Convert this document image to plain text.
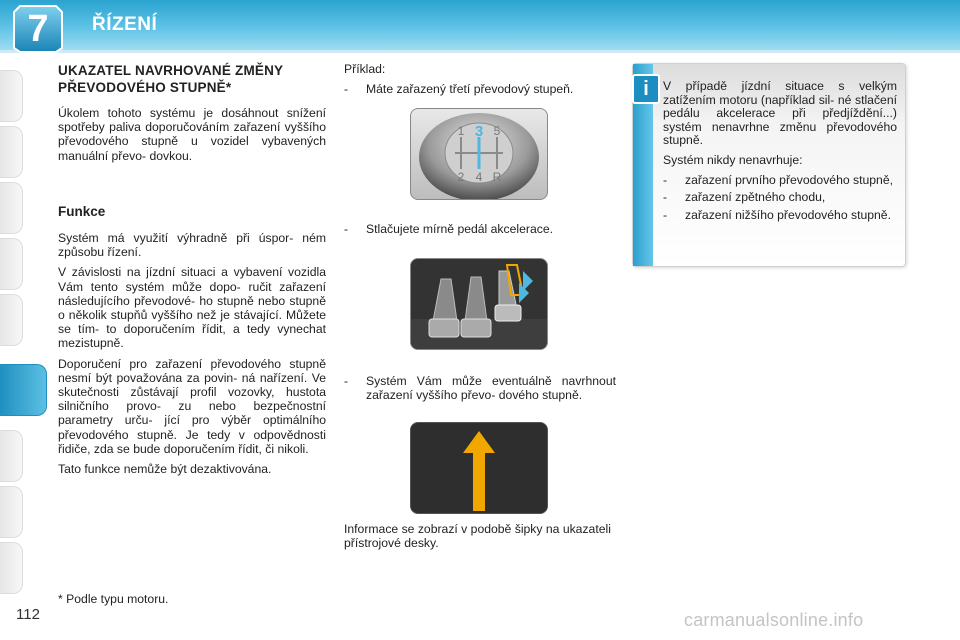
7	ŘÍZENÍ
UKAZATEL NAVRHOVANÉ ZMĚNY PŘEVODOVÉHO STUPNĚ*
Úkolem tohoto systému je dosáhnout snížení spotřeby paliva doporučováním zařazení vyššího převodového stupně u vozidel vybavených manuální převo- dovkou.
Funkce
Systém má využití výhradně při úspor- ném způsobu řízení.
V závislosti na jízdní situaci a vybavení vozidla Vám tento systém může dopo- ručit zařazení následujícího převodové- ho stupně nebo stupně o několik stupňů vyššího než je stávající. Můžete se tím- to doporučením řídit, a tedy vynechat mezistupně.
Doporučení pro zařazení převodového stupně nesmí být považována za povin- ná nařízení. Ve skutečnosti zůstávají profil vozovky, hustota silničního provo- zu nebo bezpečnostní parametry urču- jící pro výběr optimálního převodového stupně. Je tedy v odpovědnosti řidiče, zda se bude doporučením řídit, či nikoli.
Tato funkce nemůže být dezaktivována.
Příklad:
-	Máte zařazený třetí převodový stupeň.
1 3 5
2 4 R
-	Stlačujete mírně pedál akcelerace.
-	Systém Vám může eventuálně navrhnout zařazení vyššího převo- dového stupně.
Informace se zobrazí v podobě šipky na ukazateli přístrojové desky.
i	V případě jízdní situace s velkým zatížením motoru (například sil- né stlačení pedálu akcelerace při předjíždění...) systém nenavrhne změnu převodového stupně.
Systém nikdy nenavrhuje:
-	zařazení prvního převodového stupně,
-	zařazení zpětného chodu,
-	zařazení nižšího převodového stupně.
* Podle typu motoru.
112	carmanualsonline.info
